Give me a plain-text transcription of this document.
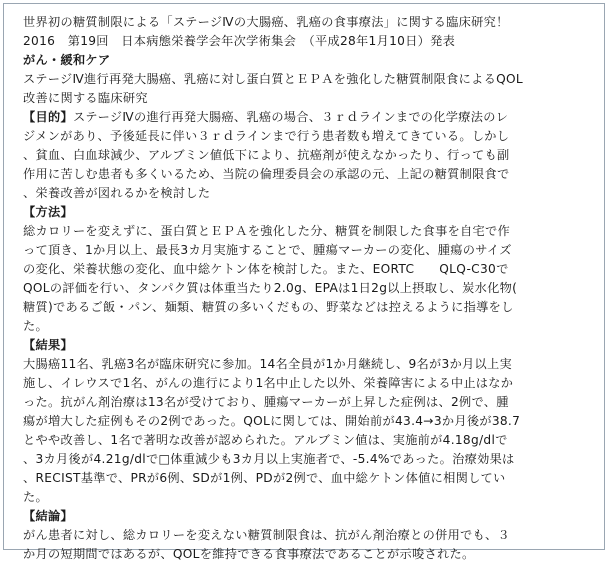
世界初の糖質制限による「ステージⅣの大腸癌、乳癌の食事療法」に関する臨床研究！
2016　第19回　日本病態栄養学会年次学術集会　（平成28年1月10日）発表
がん・緩和ケア
ステージⅣ進行再発大腸癌、乳癌に対し蛋白質とＥＰＡを強化した糖質制限食によるQOL
改善に関する臨床研究
【目的】ステージⅣの進行再発大腸癌、乳癌の場合、３ｒｄラインまでの化学療法のレ
ジメンがあり、予後延長に伴い３ｒｄラインまで行う患者数も増えてきている。しかし
、貧血、白血球減少、アルブミン値低下により、抗癌剤が使えなかったり、行っても副
作用に苦しむ患者も多くいるため、当院の倫理委員会の承認の元、上記の糖質制限食で
、栄養改善が図れるかを検討した
【方法】
総カロリーを変えずに、蛋白質とＥＰＡを強化した分、糖質を制限した食事を自宅で作
って頂き、1か月以上、最長3カ月実施することで、腫瘍マーカーの変化、腫瘍のサイズ
の変化、栄養状態の変化、血中総ケトン体を検討した。また、EORTC　　QLQ-C30で
QOLの評価を行い、タンパク質は体重当たり2.0g、EPAは1日2g以上摂取し、炭水化物(
糖質)であるご飯・パン、麺類、糖質の多いくだもの、野菜などは控えるように指導をし
た。
【結果】
大腸癌11名、乳癌3名が臨床研究に参加。14名全員が1か月継続し、9名が3か月以上実
施し、イレウスで1名、がんの進行により1名中止した以外、栄養障害による中止はなか
った。抗がん剤治療は13名が受けており、腫瘍マーカーが上昇した症例は、2例で、腫
瘍が増大した症例もその2例であった。QOLに関しては、開始前が43.4→3か月後が38.7
とやや改善し、1名で著明な改善が認められた。アルブミン値は、実施前が4.18g/dlで
、3カ月後が4.21g/dlで□体重減少も3カ月以上実施者で、-5.4%であった。治療効果は
、RECIST基準で、PRが6例、SDが1例、PDが2例で、血中総ケトン体値に相関してい
た。
【結論】
がん患者に対し、総カロリーを変えない糖質制限食は、抗がん剤治療との併用でも、３
か月の短期間ではあるが、QOLを維持できる食事療法であることが示唆された。
